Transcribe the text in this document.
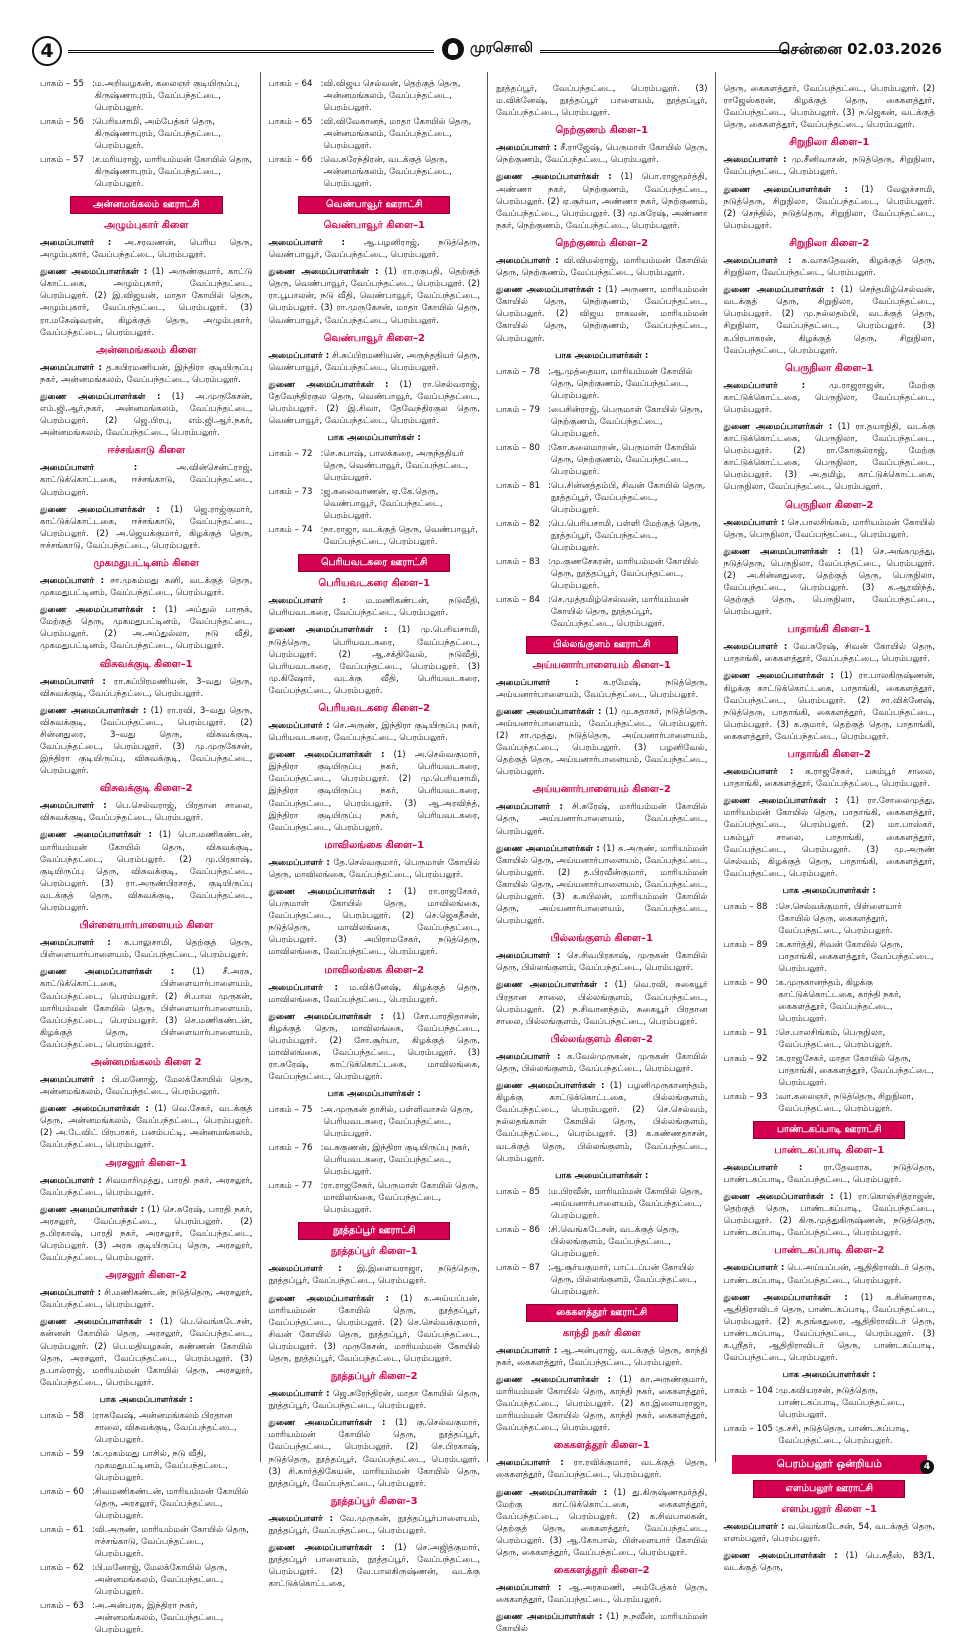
4	முரசொலி	சென்னை 02.03.2026
பாகம் – 55 : ம.அறிவழகன், கலைஞர் குடியிருப்பு, கிருஷ்ணாபுரம், வேப்பந்தட்டை, பெரம்பலூர்.
பாகம் – 56 : பெரியசாமி, அம்பேத்கர் தெரு, கிருஷ்ணாபுரம், வேப்பந்தட்டை, பெரம்பலூர்.
பாகம் – 57 : ச.மரியராஜ், மாரியம்மன் கோயில் தெரு, கிருஷ்ணாபுரம், வேப்பந்தட்டை, பெரம்பலூர்.
அன்னமங்கலம் ஊராட்சி
அழும்புகார் கிளை

அமைப்பாளர் : அ.சரவணன், பெரிய தெரு, அழும்புகார், வேப்பந்தட்டை, பெரம்பலூர்.

துணை அமைப்பாளர்கள் : (1) அருண்குமார், காட்டு கொட்டகை, அழும்புகார், வேப்பந்தட்டை, பெரம்பலூர். (2) இ.விஜயன், மாதா கோயில் தெரு, அழும்புகார், வேப்பந்தட்டை, பெரம்பலூர். (3) ரா.மகேஷ்வரன், கிழக்குத் தெரு, அழும்புகார், வேப்பந்தட்டை, பெரம்பலூர்.

அன்னமங்கலம் கிளை

அமைப்பாளர் : த.சுபிரமணியன், இந்திரா குடியிருப்பு நகர், அன்னமங்கலம், வேப்பந்தட்டை, பெரம்பலூர்.

துணை அமைப்பாளர்கள் : (1) அ.முருகேசன், எம்.ஜி.ஆர்.நகர், அன்னமங்கலம், வேப்பந்தட்டை, பெரம்பலூர். (2) ஜெ.பிரபு, எம்.ஜி.ஆர்.நகர், அன்னமங்கலம், வேப்பந்தட்டை, பெரம்பலூர்.

ஈச்சங்காடு கிளை

அமைப்பாளர் :	அ.வின்சென்ட்ராஜ், காட்டுக்கொட்டகை, ஈச்சங்காடு, வேப்பந்தட்டை, பெரம்பலூர்.

துணை அமைப்பாளர்கள் : (1) ஜெ.ராஜ்குமார், காட்டுக்கொட்டகை, ஈச்சங்காடு, வேப்பந்தட்டை, பெரம்பலூர். (2) அ.ஜெயக்குமார், கிழக்குத் தெரு, ஈச்சங்காடு, வேப்பந்தட்டை, பெரம்பலூர்.

முகமதுபட்டினம் கிளை

அமைப்பாளர் : சா.முகம்மது கனி, வடக்குத் தெரு, முகமதுபட்டினம், வேப்பந்தட்டை, பெரம்பலூர்.

துணை அமைப்பாளர்கள் : (1) அப்துல் பாரூக், மேற்குத் தெரு, முகமதுபட்டினம், வேப்பந்தட்டை, பெரம்பலூர். (2) அ.அப்துல்லா, நடு வீதி, முகமதுபட்டினம், வேப்பந்தட்டை, பெரம்பலூர்.

விசுவக்குடி கிளை–1

அமைப்பாளர் : ரா.சுப்பிரமணியன், 3–வது தெரு, விசுவக்குடி, வேப்பந்தட்டை, பெரம்பலூர்.

துணை அமைப்பாளர்கள் : (1) ரா.ரவி, 3–வது தெரு, விசுவக்குடி, வேப்பந்தட்டை, பெரம்பலூர். (2) சின்னதுரை, 3–வது தெரு, விசுவக்குடி, வேப்பந்தட்டை, பெரம்பலூர். (3) மு.முருகேசன், இந்திரா குடியிருப்பு, விசுவக்குடி, வேப்பந்தட்டை, பெரம்பலூர்.

விசுவக்குடி கிளை–2

அமைப்பாளர் : பெ.செல்வராஜ், பிரதான சாலை, விசுவக்குடி, வேப்பந்தட்டை, பெரம்பலூர்.

துணை அமைப்பாளர்கள் : (1) பொ.மணிகண்டன், மாரியம்மன் கோயில் தெரு, விசுவக்குடி, வேப்பந்தட்டை, பெரம்பலூர். (2) மு.பிரகாஷ், குடியிருப்பு தெரு, விசுவக்குடி, வேப்பந்தட்டை, பெரம்பலூர். (3) ரா.அருண்பிரசாத், குடியிருப்பு வடக்குத் தெரு, விசுவக்குடி, வேப்பந்தட்டை, பெரம்பலூர்.

பிள்ளையார்பாளையம் கிளை

அமைப்பாளர் : க.பாலுசாமி, தெற்குத் தெரு, பிள்ளையார்பாளையம், வேப்பந்தட்டை, பெரம்பலூர்.

துணை அமைப்பாளர்கள் : (1) சீ.அரசு, காட்டுக்கொட்டகை, பிள்ளையார்பாளையம், வேப்பந்தட்டை, பெரம்பலூர். (2) சி.பால முருகன், மாரியம்மன் கோயில் தெரு, பிள்ளையார்பாளையம், வேப்பந்தட்டை, பெரம்பலூர். (3) செ.மணிகண்டன், கிழக்குத் தெரு, பிள்ளையார்பாளையம், வேப்பந்தட்டை, பெரம்பலூர்.

அன்னமங்கலம் கிளை 2

அமைப்பாளர் : பி.மனோஜ், மேலக்கோயில் தெரு, அன்னமங்கலம், வேப்பந்தட்டை, பெரம்பலூர்.

துணை அமைப்பாளர்கள் : (1) வெ.சேகர், வடக்குத் தெரு, அன்னமங்கலம், வேப்பந்தட்டை, பெரம்பலூர். (2) அ.டேவிட் பிரபாகர், பனம்பட்டி, அன்னமங்கலம், வேப்பந்தட்டை, பெரம்பலூர்.

அரசலூர் கிளை–1

அமைப்பாளர் : சிவமாரிமுத்து, பாரதி நகர், அரசலூர், வேப்பந்தட்டை, பெரம்பலூர்.

துணை அமைப்பாளர்கள் : (1) செ.சுரேஷ், பாரதி நகர், அரசலூர், வேப்பந்தட்டை, பெரம்பலூர். (2) த.பிரகாஷ், பாரதி நகர், அரசலூர், வேப்பந்தட்டை, பெரம்பலூர். (3) அரசு குடியிருப்பு தெரு, அரசலூர், வேப்பந்தட்டை, பெரம்பலூர்.

அரசலூர் கிளை–2

அமைப்பாளர் : சி.மணிகண்டன், நடுத்தெரு, அரசலூர், வேப்பந்தட்டை, பெரம்பலூர்.

துணை அமைப்பாளர்கள் : (1) பெ.வெங்கடேசன், கன்னன் கோயில் தெரு, அரசலூர், வேப்பந்தட்டை, பெரம்பலூர். (2) பெ.மதியழகன், கண்ணன் கோயில் தெரு, அரசலூர், வேப்பந்தட்டை, பெரம்பலூர். (3) த.பால்ராஜ், மாரியம்மன் கோயில் தெரு, அரசலூர், வேப்பந்தட்டை, பெரம்பலூர்.

பாக அமைப்பாளர்கள் :
பாகம் – 58 : ராசுவேஷ், அன்னமங்கலம் பிரதான சாலை, விசுவக்குடி, வேப்பந்தட்டை, பெரம்பலூர்.
பாகம் – 59 : க.முகம்மது பாசில், நடு வீதி, முகமதுபட்டினம், வேப்பந்தட்டை, பெரம்பலூர்.
பாகம் – 60 : சிவமணிகண்டன், மாரியம்மன் கோயில் தெரு, அரசலூர், வேப்பந்தட்டை, பெரம்பலூர்.
பாகம் – 61 : வி.அருண், மாரியம்மன் கோயில் தெரு, ஈச்சங்காடு, வேப்பந்தட்டை, பெரம்பலூர்.
பாகம் – 62 : பி.மனோஜ், மேலக்கோயில் தெரு, அன்னமங்கலம், வேப்பந்தட்டை, பெரம்பலூர்.
பாகம் – 63 : அ.அன்பரசு, இந்திரா நகர், அன்னமங்கலம், வேப்பந்தட்டை, பெரம்பலூர்.
பாகம் – 64 : வி.விஜய செல்வன், தெற்குத் தெரு, அன்னமங்கலம், வேப்பந்தட்டை, பெரம்பலூர்.
பாகம் – 65 : வி.விவேகானந், மாதா கோயில் தெரு, அன்னமங்கலம், வேப்பந்தட்டை, பெரம்பலூர்.
பாகம் – 66 : வெ.சுரேந்திரன், வடக்குத் தெரு, அன்னமங்கலம், வேப்பந்தட்டை, பெரம்பலூர்.
வெண்பாவூர் ஊராட்சி
வெண்பாவூர் கிளை–1

அமைப்பாளர் : ஆ.பழனிராஜ், நடுத்தெரு, வெண்பாவூர், வேப்பந்தட்டை, பெரம்பலூர்.

துணை அமைப்பாளர்கள் : (1) ரா.ரகுபதி, தெற்குத் தெரு, வெண்பாவூர், வேப்பந்தட்டை, பெரம்பலூர். (2) ரா.பூபாலன், நடு வீதி, வெண்பாவூர், வேப்பந்தட்டை, பெரம்பலூர். (3) ரா.முருகேசன், மாதா கோயில் தெரு, வெண்பாவூர், வேப்பந்தட்டை, பெரம்பலூர்.

வெண்பாவூர் கிளை–2

அமைப்பாளர் : சி.சுப்பிரமணியன், அருந்ததியர் தெரு, வெண்பாவூர், வேப்பந்தட்டை, பெரம்பலூர்.

துணை அமைப்பாளர்கள் : (1) ரா.செல்வராஜ், தேவேந்திரகுல தெரு, வெண்பாவூர், வேப்பந்தட்டை, பெரம்பலூர். (2) இ.சிவா, தேவேந்திரகுல தெரு, வெண்பாவூர், வேப்பந்தட்டை, பெரம்பலூர்.

பாக அமைப்பாளர்கள் :
பாகம் – 72 : செ.சுபாஷ், பாலக்கரை, அருந்ததியர் தெரு, வெண்பாவூர், வேப்பந்தட்டை, பெரம்பலூர்.
பாகம் – 73 : ஜ.கலைவாணன், ஏ.கே.தெரு, வெண்பாவூர், வேப்பந்தட்டை, பெரம்பலூர்.
பாகம் – 74 : நா.ராஜா, வடக்குத் தெரு, வெண்பாவூர், வேப்பந்தட்டை, பெரம்பலூர்.
பெரியவடகரை ஊராட்சி
பெரியவடகரை கிளை–1

அமைப்பாளர் : ம.மணிகண்டன், நடுவீதி, பெரியவடகரை, வேப்பந்தட்டை, பெரம்பலூர்.

துணை அமைப்பாளர்கள் : (1) மு.பெரியசாமி, நடுத்தெரு, பெரியவடகரை, வேப்பந்தட்டை, பெரம்பலூர். (2) ஆ.சக்திவேல், நடுவீதி, பெரியவடகரை, வேப்பந்தட்டை, பெரம்பலூர். (3) மு.கிஷோர், வடக்கு வீதி, பெரியவடகரை, வேப்பந்தட்டை, பெரம்பலூர்.

பெரியவடகரை கிளை–2

அமைப்பாளர் : செ.அருண், இந்திரா குடியிருப்பு நகர், பெரியவடகரை, வேப்பந்தட்டை, பெரம்பலூர்.

துணை அமைப்பாளர்கள் : (1) அ.செல்வகுமார், இந்திரா குடியிருப்பு நகர், பெரியவடகரை, வேப்பந்தட்டை, பெரம்பலூர். (2) மு.பெரியசாமி, இந்திரா குடியிருப்பு நகர், பெரியவடகரை, வேப்பந்தட்டை, பெரம்பலூர். (3) ஆ.அரவிந்த், இந்திரா குடியிருப்பு நகர், பெரியவடகரை, வேப்பந்தட்டை, பெரம்பலூர்.

மாவிலங்கை கிளை–1

அமைப்பாளர் : தே.செல்வகுமார், பெருமாள் கோயில் தெரு, மாவிலங்கை, வேப்பந்தட்டை, பெரம்பலூர்.

துணை அமைப்பாளர்கள் : (1) ரா.ராஜசேகர், பெருமாள் கோயில் தெரு, மாவிலங்கை, வேப்பந்தட்டை, பெரம்பலூர். (2) செ.ஜெகதீசன், நடுத்தெரு, மாவிலங்கை, வேப்பந்தட்டை, பெரம்பலூர். (3) அபிராமசேகர், நடுத்தெரு, மாவிலங்கை, வேப்பந்தட்டை, பெரம்பலூர்.

மாவிலங்கை கிளை–2

அமைப்பாளர் : ம.விக்னேஷ், கிழக்குத் தெரு, மாவிலங்கை, வேப்பந்தட்டை, பெரம்பலூர்.

துணை அமைப்பாளர்கள் : (1) சோ.பாரதிதாசன், கிழக்குத் தெரு, மாவிலங்கை, வேப்பந்தட்டை, பெரம்பலூர். (2) சோ.சூர்யா, கிழக்குத் தெரு, மாவிலங்கை, வேப்பந்தட்டை, பெரம்பலூர். (3) ரா.சுரேஷ், காட்டுக்கொட்டகை, மாவிலங்கை, வேப்பந்தட்டை, பெரம்பலூர்.

பாக அமைப்பாளர்கள் :
பாகம் – 75 : அ.முருகன் தாசில், பள்ளிவாசல் தெரு, பெரியவடகரை, வேப்பந்தட்டை, பெரம்பலூர்.
பாகம் – 76 : வ.சுகுணன், இந்திரா குடியிருப்பு நகர், பெரியவடகரை, வேப்பந்தட்டை, பெரம்பலூர்.
பாகம் – 77 : ரா.ராஜசேகர், பெருமாள் கோயில் தெரு, மாவிலங்கை, வேப்பந்தட்டை, பெரம்பலூர்.
நூத்தப்பூர் ஊராட்சி
நூத்தப்பூர் கிளை–1

அமைப்பாளர் : இ.இளையராஜா, நடுத்தெரு, நூத்தப்பூர், வேப்பந்தட்டை, பெரம்பலூர்.

துணை அமைப்பாளர்கள் : (1) க.அய்யப்பன், மாரியம்மன் கோயில் தெரு, நூத்தப்பூர், வேப்பந்தட்டை, பெரம்பலூர். (2) செ.செல்வக்குமார், சிவன் கோயில் தெரு, நூத்தப்பூர், வேப்பந்தட்டை, பெரம்பலூர். (3) முருகேசன், மாரியம்மன் கோயில் தெரு, நூத்தப்பூர், வேப்பந்தட்டை, பெரம்பலூர்.

நூத்தப்பூர் கிளை–2

அமைப்பாளர் : ஜெ.சுரேந்திரன், மாதா கோயில் தெரு, நூத்தப்பூர், வேப்பந்தட்டை, பெரம்பலூர்.

துணை அமைப்பாளர்கள் : (1) கு.செல்வகுமார், மாரியம்மன் கோயில் தெரு, நூத்தப்பூர், வேப்பந்தட்டை, பெரம்பலூர். (2) செ.பிரகாஷ், நடுத்தெரு, நூத்தப்பூர், வேப்பந்தட்டை, பெரம்பலூர். (3) சி.கார்த்திகேயன், மாரியம்மன் கோயில் தெரு, நூத்தப்பூர், வேப்பந்தட்டை, பெரம்பலூர்.

நூத்தப்பூர் கிளை–3

அமைப்பாளர் : வே.முருகன், நூத்தப்பூர்பாளையம், நூத்தப்பூர், வேப்பந்தட்டை, பெரம்பலூர்.

துணை அமைப்பாளர்கள் : (1) செ.அஜித்குமார், நூத்தப்பூர் பாளையம், நூத்தப்பூர், வேப்பந்தட்டை, பெரம்பலூர். (2) வே.பாலகிருஷ்ணன், வடக்கு காட்டுக்கொட்டகை,

நூத்தப்பூர், வேப்பந்தட்டை, பெரம்பலூர். (3) ம.விக்னேஷ், நூத்தப்பூர் பாளையம், நூத்தப்பூர், வேப்பந்தட்டை, பெரம்பலூர்.

நெற்குணம் கிளை–1

அமைப்பாளர் : சீ.ராஜேஷ், பெருமாள் கோயில் தெரு, நெற்குணம், வேப்பந்தட்டை, பெரம்பலூர்.

துணை அமைப்பாளர்கள் : (1) பொ.ராஜமூர்த்தி, அண்ணா நகர், நெற்குணம், வேப்பந்தட்டை, பெரம்பலூர். (2) ஏ.சூர்யா, அண்ணா நகர், நெற்குணம், வேப்பந்தட்டை, பெரம்பலூர். (3) மு.சுரேஷ், அண்ணா நகர், நெற்குணம், வேப்பந்தட்டை, பெரம்பலூர்.

நெற்குணம் கிளை–2

அமைப்பாளர் : வி.விமல்ராஜ், மாரியம்மன் கோயில் தெரு, நெற்குணம், வேப்பந்தட்டை, பெரம்பலூர்.

துணை அமைப்பாளர்கள் : (1) அருணா, மாரியம்மன் கோயில் தெரு, நெற்குணம், வேப்பந்தட்டை, பெரம்பலூர். (2) விஜய ராகவன், மாரியம்மன் கோயில் தெரு, நெற்குணம், வேப்பந்தட்டை, பெரம்பலூர்.

பாக அமைப்பாளர்கள் :
பாகம் – 78 : ஆ.முத்தையா, மாரியம்மன் கோயில் தெரு, நெற்குணம், வேப்பந்தட்டை, பெரம்பலூர்.
பாகம் – 79 : பைசின்ராஜ், பெருமாள் கோயில் தெரு, நெற்குணம், வேப்பந்தட்டை, பெரம்பலூர்.
பாகம் – 80 : கோ.கலைமாறன், பெருமாள் கோயில் தெரு, நெற்குணம், வேப்பந்தட்டை, பெரம்பலூர்.
பாகம் – 81 : பெ.சின்னத்தம்பி, சிவன் கோயில் தெரு, நூத்தப்பூர், வேப்பந்தட்டை, பெரம்பலூர்.
பாகம் – 82 : பெ.பெரியசாமி, பள்ளி மேற்குத் தெரு, நூத்தப்பூர், வேப்பந்தட்டை, பெரம்பலூர்.
பாகம் – 83 : மு.குணசேகரன், மாரியம்மன் கோயில் தெரு, நூத்தப்பூர், வேப்பந்தட்டை, பெரம்பலூர்.
பாகம் – 84 : செ.முத்தமிழ்செல்வன், மாரியம்மன் கோயில் தெரு, நூத்தப்பூர், வேப்பந்தட்டை, பெரம்பலூர்.
பில்லங்குளம் ஊராட்சி
அய்யனார்பாளையம் கிளை–1

அமைப்பாளர் :	க.ரமேஷ், நடுத்தெரு, அய்யனார்பாளையம், வேப்பந்தட்டை, பெரம்பலூர்.

துணை அமைப்பாளர்கள் : (1) மு.சுதாகர், நடுத்தெரு, அய்யனார்பாளையம், வேப்பந்தட்டை, பெரம்பலூர். (2) சா.முத்து, நடுத்தெரு, அய்யனார்பாளையம், வேப்பந்தட்டை, பெரம்பலூர். (3) பழனிவேல், தெற்குத் தெரு, அய்யனார்பாளையம், வேப்பந்தட்டை, பெரம்பலூர்.

அய்யனார்பாளையம் கிளை–2

அமைப்பாளர் : சி.சுரேஷ், மாரியம்மன் கோயில் தெரு, அய்யனார்பாளையம், வேப்பந்தட்டை, பெரம்பலூர்.

துணை அமைப்பாளர்கள் : (1) க.அருண், மாரியம்மன் கோயில் தெரு, அய்யனார்பாளையம், வேப்பந்தட்டை, பெரம்பலூர். (2) த.பிரவீன்குமார், மாரியம்மன் கோயில் தெரு, அய்யனார்பாளையம், வேப்பந்தட்டை, பெரம்பலூர். (3) க.கபிலன், மாரியம்மன் கோயில் தெரு, அய்யனார்பாளையம், வேப்பந்தட்டை, பெரம்பலூர்.

பில்லங்குளம் கிளை–1

அமைப்பாளர் : செ.சிவபிரகாஷ், முருகன் கோயில் தெரு, பில்லங்குளம், வேப்பந்தட்டை, பெரம்பலூர்.

துணை அமைப்பாளர்கள் : (1) வெ.ரவி, சுகையூர் பிரதான சாலை, பில்லங்குளம், வேப்பந்தட்டை, பெரம்பலூர். (2) ந.சிவானந்தம், சுகையூர் பிரதான சாலை, பில்லங்குளம், வேப்பந்தட்டை, பெரம்பலூர்.

பில்லங்குளம் கிளை–2

அமைப்பாளர் : க.வேல்முருகன், முருகன் கோயில் தெரு, பில்லங்குளம், வேப்பந்தட்டை, பெரம்பலூர்.

துணை அமைப்பாளர்கள் : (1) பழனிமுருகானந்தம், கிழக்கு காட்டுக்கொட்டகை, பில்லங்குளம், வேப்பந்தட்டை, பெரம்பலூர். (2) செ.செல்வம், நல்லதங்காள் கோயில் தெரு, பில்லங்குளம், வேப்பந்தட்டை, பெரம்பலூர். (3) க.கண்ணதாசன், வடக்குத் தெரு, பில்லங்குளம், வேப்பந்தட்டை, பெரம்பலூர்.

பாக அமைப்பாளர்கள் :
பாகம் – 85 : ம.பிரவீன், மாரியம்மன் கோயில் தெரு, அய்யனார்பாளையம், வேப்பந்தட்டை, பெரம்பலூர்.
பாகம் – 86 : சி.வெங்கடேசன், வடக்குத் தெரு, பில்லங்குளம், வேப்பந்தட்டை, பெரம்பலூர்.
பாகம் – 87 : ஆ.சூர்யகுமார், பாட்டப்பன் கோயில் தெரு, பில்லங்குளம், வேப்பந்தட்டை, பெரம்பலூர்.
கைகளத்தூர் ஊராட்சி
காந்தி நகர் கிளை

அமைப்பாளர் : ஆ.அன்புராஜ், வடக்குத் தெரு, காந்தி நகர், கைகளத்தூர், வேப்பந்தட்டை, பெரம்பலூர்.

துணை அமைப்பாளர்கள் : (1) கா.அருண்குமார், மாரியம்மன் கோயில் தெரு, காந்தி நகர், கைகளத்தூர், வேப்பந்தட்டை, பெரம்பலூர். (2) கா.இளையராஜா, மாரியம்மன் கோயில் தெரு, காந்தி நகர், கைகளத்தூர், வேப்பந்தட்டை, பெரம்பலூர்.

கைகளத்தூர் கிளை–1

அமைப்பாளர் : ரா.ரவிக்குமார், வடக்குத் தெரு, கைகளத்தூர், வேப்பந்தட்டை, பெரம்பலூர்.

துணை அமைப்பாளர்கள் : (1) து.கிருஷ்ணமூர்த்தி, மேற்கு காட்டுக்கொட்டகை, கைகளத்தூர், வேப்பந்தட்டை, பெரம்பலூர். (2) க.சிவபாலகன், தெற்குத் தெரு, கைகளத்தூர், வேப்பந்தட்டை, பெரம்பலூர். (3) ஆ.கோபால், பிள்ளையார் கோயில் தெரு, கைகளத்தூர், வேப்பந்தட்டை, பெரம்பலூர்.

கைகளத்தூர் கிளை–2

அமைப்பாளர் : ஆ.அரசுமணி, அம்பேத்கர் தெரு, கைகளத்தூர், வேப்பந்தட்டை, பெரம்பலூர்.

துணை அமைப்பாளர்கள் : (1) ந.நவீன், மாரியம்மன் கோயில்

தெரு, கைகளத்தூர், வேப்பந்தட்டை, பெரம்பலூர். (2) ராஜேஸ்கரன், கிழக்குத் தெரு, கைகளத்தூர், வேப்பந்தட்டை, பெரம்பலூர். (3) ந.ஜெகன், வடக்குத் தெரு, கைகளத்தூர், வேப்பந்தட்டை, பெரம்பலூர்.

சிறுநிலா கிளை–1

அமைப்பாளர் : மு.சீனிவாசன், நடுத்தெரு, சிறுநிலா, வேப்பந்தட்டை, பெரம்பலூர்.

துணை அமைப்பாளர்கள் : (1) வேலுச்சாமி, நடுத்தெரு, சிறுநிலா, வேப்பந்தட்டை, பெரம்பலூர். (2) செந்தில், நடுத்தெரு, சிறுநிலா, வேப்பந்தட்டை, பெரம்பலூர்.

சிறுநிலா கிளை–2

அமைப்பாளர் : சு.வாசுதேவன், கிழக்குத் தெரு, சிறுநிலா, வேப்பந்தட்டை, பெரம்பலூர்.

துணை அமைப்பாளர்கள் : (1) செந்தமிழ்செல்வன், வடக்குத் தெரு, சிறுநிலா, வேப்பந்தட்டை, பெரம்பலூர். (2) மு.நல்லதம்பி, வடக்குத் தெரு, சிறுநிலா, வேப்பந்தட்டை, பெரம்பலூர். (3) க.பிரபாகரன், கிழக்குத் தெரு, சிறுநிலா, வேப்பந்தட்டை, பெரம்பலூர்.

பெருநிலா கிளை–1

அமைப்பாளர் :	மு.ராஜராஜன், மேற்கு காட்டுக்கொட்டகை, பெருநிலா, வேப்பந்தட்டை, பெரம்பலூர்.

துணை அமைப்பாளர்கள் : (1) ரா.தயாநிதி, வடக்கு காட்டுக்கொட்டகை, பெருநிலா, வேப்பந்தட்டை, பெரம்பலூர். (2) ரா.கோகுல்ராஜ், மேற்கு காட்டுக்கொட்டகை, பெருநிலா, வேப்பந்தட்டை, பெரம்பலூர். (3) அ.தமிழ், காட்டுக்கொட்டகை, பெருநிலா, வேப்பந்தட்டை, பெரம்பலூர்.

பெருநிலா கிளை–2

அமைப்பாளர் : செ.பாலசிங்கம், மாரியம்மன் கோயில் தெரு, பெருநிலா, வேப்பந்தட்டை, பெரம்பலூர்.

துணை அமைப்பாளர்கள் : (1) செ.அங்கமுத்து, நடுத்தெரு, பெருநிலா, வேப்பந்தட்டை, பெரம்பலூர். (2) அ.சின்னதுரை, தெற்குத் தெரு, பெருநிலா, வேப்பந்தட்டை, பெரம்பலூர். (3) க.ஆரவிந்த், தெற்குத் தெரு, பெருநிலா, வேப்பந்தட்டை, பெரம்பலூர்.

பாதாங்கி கிளை–1

அமைப்பாளர் : வே.சுரேஷ், சிவன் கோயில் தெரு, பாதாங்கி, கைகளத்தூர், வேப்பந்தட்டை, பெரம்பலூர்.

துணை அமைப்பாளர்கள் : (1) ரா.பாலகிருஷ்ணன், கிழக்கு காட்டுக்கொட்டகை, பாதாங்கி, கைகளத்தூர், வேப்பந்தட்டை, பெரம்பலூர். (2) சா.விக்னேஷ், நடுத்தெரு, பாதாங்கி, கைகளத்தூர், வேப்பந்தட்டை, பெரம்பலூர். (3) க.குமார், தெற்குத் தெரு, பாதாங்கி, கைகளத்தூர், வேப்பந்தட்டை, பெரம்பலூர்.

பாதாங்கி கிளை–2

அமைப்பாளர் : க.ராஜசேகர், பசும்பூர் சாலை, பாதாங்கி, கைகளத்தூர், வேப்பந்தட்டை, பெரம்பலூர்.

துணை அமைப்பாளர்கள் : (1) ரா.சோலைமுத்து, மாரியம்மன் கோயில் தெரு, பாதாங்கி, கைகளத்தூர், வேப்பந்தட்டை, பெரம்பலூர். (2) மா.பாஸ்கர், பசும்பூர் சாலை, பாதாங்கி, கைகளத்தூர், வேப்பந்தட்டை, பெரம்பலூர். (3) மு.அருண் செல்வம், கிழக்குத் தெரு, பாதாங்கி, கைகளத்தூர், வேப்பந்தட்டை, பெரம்பலூர்.

பாக அமைப்பாளர்கள் :
பாகம் – 88 : செ.செல்வக்குமார், பிள்ளையார் கோயில் தெரு, கைகளத்தூர், வேப்பந்தட்டை, பெரம்பலூர்.
பாகம் – 89 : க.கார்த்தி, சிவன் கோயில் தெரு, பாதாங்கி, கைகளத்தூர், வேப்பந்தட்டை, பெரம்பலூர்.
பாகம் – 90 : க.முருகானந்தம், கிழக்கு காட்டுக்கொட்டகை, காந்தி நகர், கைகளத்தூர், வேப்பந்தட்டை, பெரம்பலூர்.
பாகம் – 91 : செ.பாலசிங்கம், பெருநிலா, வேப்பந்தட்டை, பெரம்பலூர்.
பாகம் – 92 : க.ராஜசேகர், மாதா கோயில் தெரு, பாதாங்கி, கைகளத்தூர், வேப்பந்தட்டை, பெரம்பலூர்.
பாகம் – 93 : வா.கலைஞர், நடுத்தெரு, சிறுநிலா, வேப்பந்தட்டை, பெரம்பலூர்.
பாண்டகப்பாடி ஊராட்சி
பாண்டகப்பாடி கிளை–1

அமைப்பாளர் : ரா.தேவராசு, நடுத்தெரு, பாண்டகப்பாடி, வேப்பந்தட்டை, பெரம்பலூர்.

துணை அமைப்பாளர்கள் : (1) ரா.கொஞ்சித்ராஜன், தெற்குத் தெரு, பாண்டகப்பாடி, வேப்பந்தட்டை, பெரம்பலூர். (2) கிரு.முத்துகிருஷ்ணன், நடுத்தெரு, பாண்டகப்பாடி, வேப்பந்தட்டை, பெரம்பலூர்.

பாண்டகப்பாடி கிளை–2

அமைப்பாளர் : பெ.அய்யப்பன், ஆதிதிராவிடர் தெரு, பாண்டகப்பாடி, வேப்பந்தட்டை, பெரம்பலூர்.

துணை அமைப்பாளர்கள் : (1) க.சின்னராசு, ஆதிதிராவிடர் தெரு, பாண்டகப்பாடி, வேப்பந்தட்டை, பெரம்பலூர். (2) க.தங்கதுரை, ஆதிதிராவிடர் தெரு, பாண்டகப்பாடி, வேப்பந்தட்டை, பெரம்பலூர். (3) க.ஸ்ரீதர், ஆதிதிராவிடர் தெரு, பாண்டகப்பாடி, வேப்பந்தட்டை, பெரம்பலூர்.

பாக அமைப்பாளர்கள் :
பாகம் – 104 : மு.கவியரசன், நடுத்தெரு, பாண்டகப்பாடி, வேப்பந்தட்டை, பெரம்பலூர்.
பாகம் – 105 : த.சசி, நடுத்தெரு, பாண்டகப்பாடி, வேப்பந்தட்டை, பெரம்பலூர்.
பெரம்பலூர் ஒன்றியம்
எளம்பலூர் ஊராட்சி
எளம்பலூர் கிளை –1

அமைப்பாளர் : வ.வெங்கடேசன், 54, வடக்குத் தெரு, எளம்பலூர், பெரம்பலூர்.

துணை அமைப்பாளர்கள் : (1) பெ.சுதீஸ், 83/1, வடக்குத் தெரு,

4
